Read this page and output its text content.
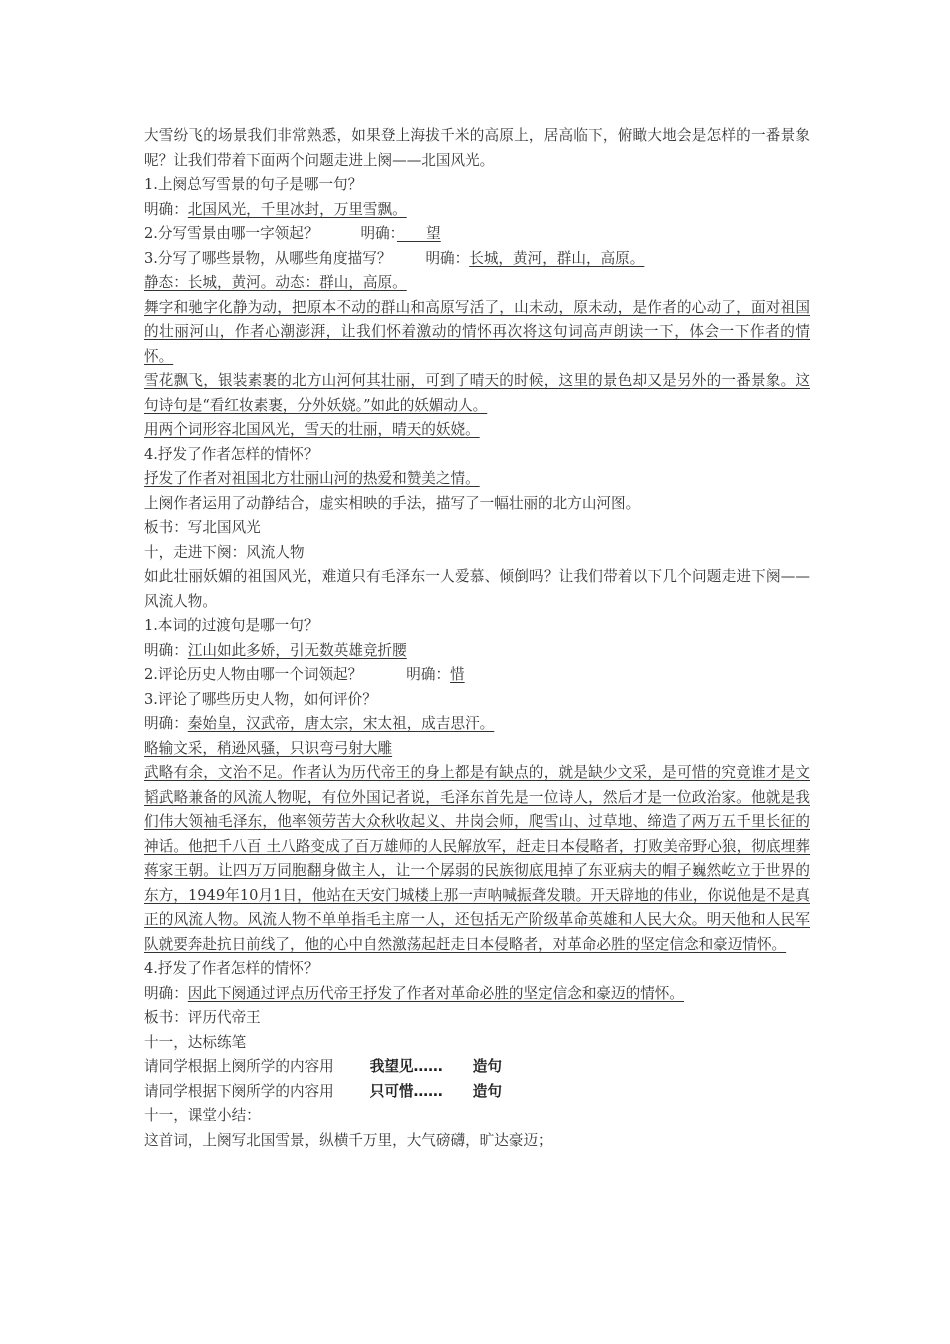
大雪纷飞的场景我们非常熟悉，如果登上海拔千米的高原上，居高临下，俯瞰大地会是怎样的一番景象呢？让我们带着下面两个问题走进上阕——北国风光。

1.上阕总写雪景的句子是哪一句？

明确：北国风光，千里冰封，万里雪飘。

2.分写雪景由哪一字领起？	明确：　　望

3.分写了哪些景物，从哪些角度描写？ 明确：长城，黄河，群山，高原。

静态：长城，黄河。动态：群山，高原。

舞字和驰字化静为动，把原本不动的群山和高原写活了，山未动，原未动，是作者的心动了，面对祖国的壮丽河山，作者心潮澎湃，让我们怀着激动的情怀再次将这句词高声朗读一下，体会一下作者的情怀。

雪花飘飞，银装素裹的北方山河何其壮丽，可到了晴天的时候，这里的景色却又是另外的一番景象。这句诗句是“看红妆素裹，分外妖娆。”如此的妖媚动人。

用两个词形容北国风光，雪天的壮丽，晴天的妖娆。

4.抒发了作者怎样的情怀？

抒发了作者对祖国北方壮丽山河的热爱和赞美之情。

上阕作者运用了动静结合，虚实相映的手法，描写了一幅壮丽的北方山河图。

板书：写北国风光

十，走进下阕：风流人物

如此壮丽妖媚的祖国风光，难道只有毛泽东一人爱慕、倾倒吗？让我们带着以下几个问题走进下阕——风流人物。

1.本词的过渡句是哪一句？

明确：江山如此多娇，引无数英雄竞折腰

2.评论历史人物由哪一个词领起？	明确：惜

3.评论了哪些历史人物，如何评价？

明确：秦始皇，汉武帝，唐太宗，宋太祖，成吉思汗。

略输文采，稍逊风骚，只识弯弓射大雕

武略有余，文治不足。作者认为历代帝王的身上都是有缺点的，就是缺少文采，是可惜的究竟谁才是文韬武略兼备的风流人物呢，有位外国记者说，毛泽东首先是一位诗人，然后才是一位政治家。他就是我们伟大领袖毛泽东，他率领劳苦大众秋收起义、井岗会师，爬雪山、过草地、缔造了两万五千里长征的神话。他把千八百 土八路变成了百万雄师的人民解放军，赶走日本侵略者，打败美帝野心狼，彻底埋葬蒋家王朝。让四万万同胞翻身做主人，让一个孱弱的民族彻底甩掉了东亚病夫的帽子巍然屹立于世界的东方，1949年10月1日，他站在天安门城楼上那一声呐喊振聋发聩。开天辟地的伟业，你说他是不是真正的风流人物。风流人物不单单指毛主席一人，还包括无产阶级革命英雄和人民大众。明天他和人民军队就要奔赴抗日前线了，他的心中自然激荡起赶走日本侵略者，对革命必胜的坚定信念和豪迈情怀。

4.抒发了作者怎样的情怀？

明确：因此下阕通过评点历代帝王抒发了作者对革命必胜的坚定信念和豪迈的情怀。

板书：评历代帝王

十一，达标练笔

请同学根据上阕所学的内容用 我望见…… 造句

请同学根据下阕所学的内容用 只可惜…… 造句

十一，课堂小结：

这首词，上阕写北国雪景，纵横千万里，大气磅礴，旷达豪迈；
